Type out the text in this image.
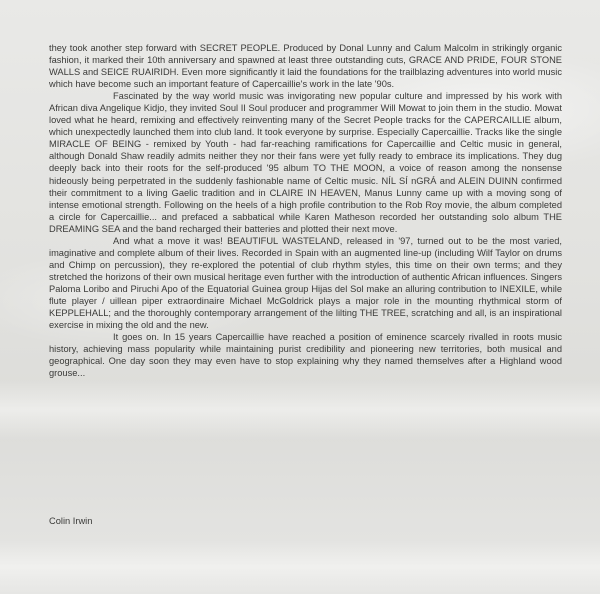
they took another step forward with SECRET PEOPLE. Produced by Donal Lunny and Calum Malcolm in strikingly organic fashion, it marked their 10th anniversary and spawned at least three outstanding cuts, GRACE AND PRIDE, FOUR STONE WALLS and SEICE RUAIRIDH. Even more significantly it laid the foundations for the trailblazing adventures into world music which have become such an important feature of Capercaillie's work in the late '90s.

Fascinated by the way world music was invigorating new popular culture and impressed by his work with African diva Angelique Kidjo, they invited Soul II Soul producer and programmer Will Mowat to join them in the studio. Mowat loved what he heard, remixing and effectively reinventing many of the Secret People tracks for the CAPERCAILLIE album, which unexpectedly launched them into club land. It took everyone by surprise. Especially Capercaillie. Tracks like the single MIRACLE OF BEING - remixed by Youth - had far-reaching ramifications for Capercaillie and Celtic music in general, although Donald Shaw readily admits neither they nor their fans were yet fully ready to embrace its implications. They dug deeply back into their roots for the self-produced '95 album TO THE MOON, a voice of reason among the nonsense hideously being perpetrated in the suddenly fashionable name of Celtic music. NÍL SÍ nGRÁ and ALEIN DUINN confirmed their commitment to a living Gaelic tradition and in CLAIRE IN HEAVEN, Manus Lunny came up with a moving song of intense emotional strength. Following on the heels of a high profile contribution to the Rob Roy movie, the album completed a circle for Capercaillie... and prefaced a sabbatical while Karen Matheson recorded her outstanding solo album THE DREAMING SEA and the band recharged their batteries and plotted their next move.

And what a move it was! BEAUTIFUL WASTELAND, released in '97, turned out to be the most varied, imaginative and complete album of their lives. Recorded in Spain with an augmented line-up (including Wilf Taylor on drums and Chimp on percussion), they re-explored the potential of club rhythm styles, this time on their own terms; and they stretched the horizons of their own musical heritage even further with the introduction of authentic African influences. Singers Paloma Loribo and Piruchi Apo of the Equatorial Guinea group Hijas del Sol make an alluring contribution to INEXILE, while flute player / uillean piper extraordinaire Michael McGoldrick plays a major role in the mounting rhythmical storm of KEPPLEHALL; and the thoroughly contemporary arrangement of the lilting THE TREE, scratching and all, is an inspirational exercise in mixing the old and the new.

It goes on. In 15 years Capercaillie have reached a position of eminence scarcely rivalled in roots music history, achieving mass popularity while maintaining purist credibility and pioneering new territories, both musical and geographical. One day soon they may even have to stop explaining why they named themselves after a Highland wood grouse...

Colin Irwin
